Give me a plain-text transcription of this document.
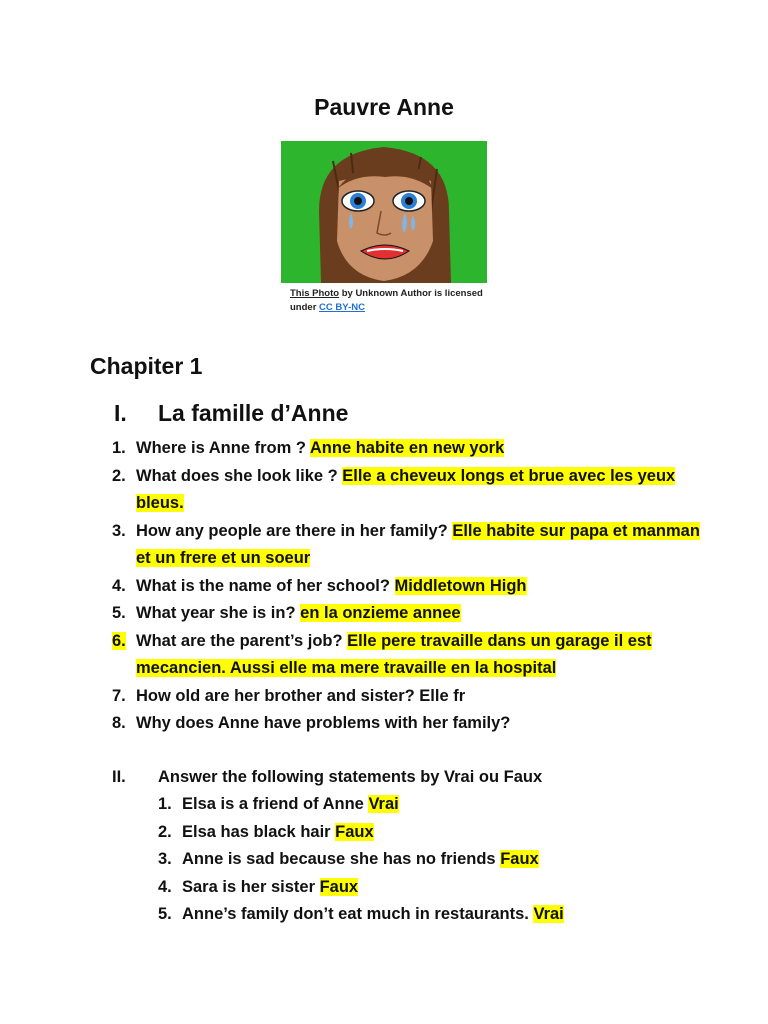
Pauvre Anne
This Photo by Unknown Author is licensed under CC BY-NC
Chapiter 1
I. La famille d’Anne
1. Where is Anne from ? Anne habite en new york
2. What does she look like ? Elle a cheveux longs et brue avec les yeux bleus.
3. How any people are there in her family? Elle habite sur papa et manman et un frere et un soeur
4. What is the name of her school? Middletown High
5. What year she is in? en la onzieme annee
6. What are the parent’s job? Elle pere travaille dans un garage il est mecancien. Aussi elle ma mere travaille en la hospital
7. How old are her brother and sister? Elle fr
8. Why does Anne have problems with her family?
II. Answer the following statements by Vrai ou Faux
1. Elsa is a friend of Anne Vrai
2. Elsa has black hair Faux
3. Anne is sad because she has no friends Faux
4. Sara is her sister Faux
5. Anne’s family don’t eat much in restaurants. Vrai
